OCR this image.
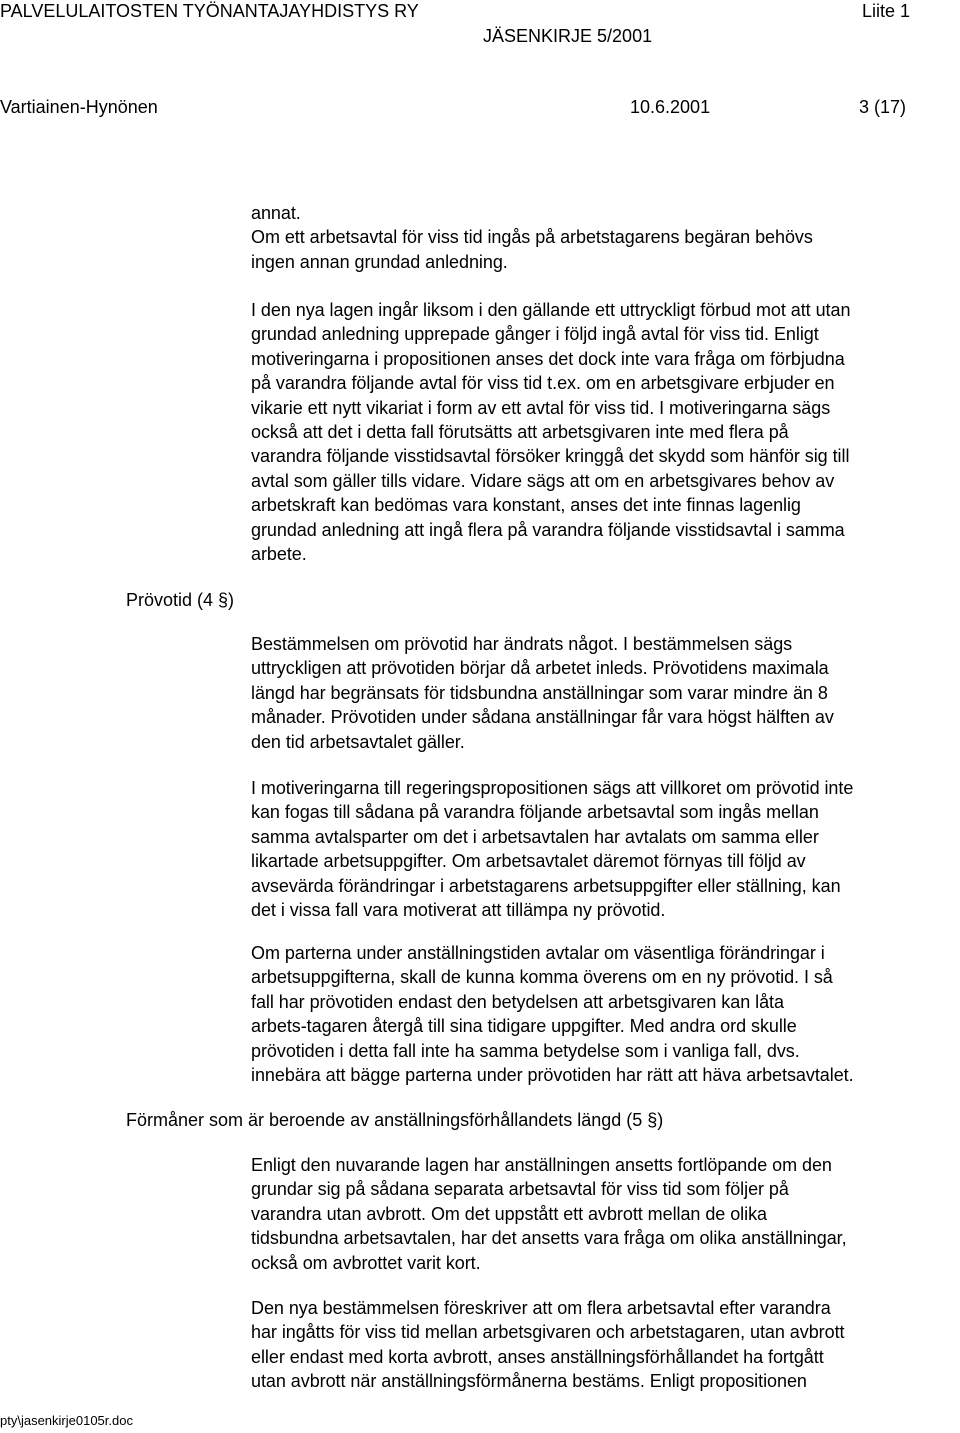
PALVELULAITOSTEN TYÖNANTAJAYHDISTYS RY	Liite 1
JÄSENKIRJE 5/2001
Vartiainen-Hynönen	10.6.2001	3 (17)
annat.
Om ett arbetsavtal för viss tid ingås på arbetstagarens begäran behövs
ingen annan grundad anledning.
I den nya lagen ingår liksom i den gällande ett uttryckligt förbud mot att utan
grundad anledning upprepade gånger i följd ingå avtal för viss tid. Enligt
motiveringarna i propositionen anses det dock inte vara fråga om förbjudna
på varandra följande avtal för viss tid t.ex. om en arbetsgivare erbjuder en
vikarie ett nytt vikariat i form av ett avtal för viss tid. I motiveringarna sägs
också att det i detta fall förutsätts att arbetsgivaren inte med flera på
varandra följande visstidsavtal försöker kringgå det skydd som hänför sig till
avtal som gäller tills vidare. Vidare sägs att om en arbetsgivares behov av
arbetskraft kan bedömas vara konstant, anses det inte finnas lagenlig
grundad anledning att ingå flera på varandra följande visstidsavtal i samma
arbete.
Prövotid (4 §)
Bestämmelsen om prövotid har ändrats något. I bestämmelsen sägs
uttryckligen att prövotiden börjar då arbetet inleds. Prövotidens maximala
längd har begränsats för tidsbundna anställningar som varar mindre än 8
månader. Prövotiden under sådana anställningar får vara högst hälften av
den tid arbetsavtalet gäller.
I motiveringarna till regeringspropositionen sägs att villkoret om prövotid inte
kan fogas till sådana på varandra följande arbetsavtal som ingås mellan
samma avtalsparter om det i arbetsavtalen har avtalats om samma eller
likartade arbetsuppgifter. Om arbetsavtalet däremot förnyas till följd av
avsevärda förändringar i arbetstagarens arbetsuppgifter eller ställning, kan
det i vissa fall vara motiverat att tillämpa ny prövotid.
Om parterna under anställningstiden avtalar om väsentliga förändringar i
arbetsuppgifterna, skall de kunna komma överens om en ny prövotid. I så
fall har prövotiden endast den betydelsen att arbetsgivaren kan låta
arbets-tagaren återgå till sina tidigare uppgifter. Med andra ord skulle
prövotiden i detta fall inte ha samma betydelse som i vanliga fall, dvs.
innebära att bägge parterna under prövotiden har rätt att häva arbetsavtalet.
Förmåner som är beroende av anställningsförhållandets längd (5 §)
Enligt den nuvarande lagen har anställningen ansetts fortlöpande om den
grundar sig på sådana separata arbetsavtal för viss tid som följer på
varandra utan avbrott. Om det uppstått ett avbrott mellan de olika
tidsbundna arbetsavtalen, har det ansetts vara fråga om olika anställningar,
också om avbrottet varit kort.
Den nya bestämmelsen föreskriver att om flera arbetsavtal efter varandra
har ingåtts för viss tid mellan arbetsgivaren och arbetstagaren, utan avbrott
eller endast med korta avbrott, anses anställningsförhållandet ha fortgått
utan avbrott när anställningsförmånerna bestäms. Enligt propositionen
pty\jasenkirje0105r.doc
